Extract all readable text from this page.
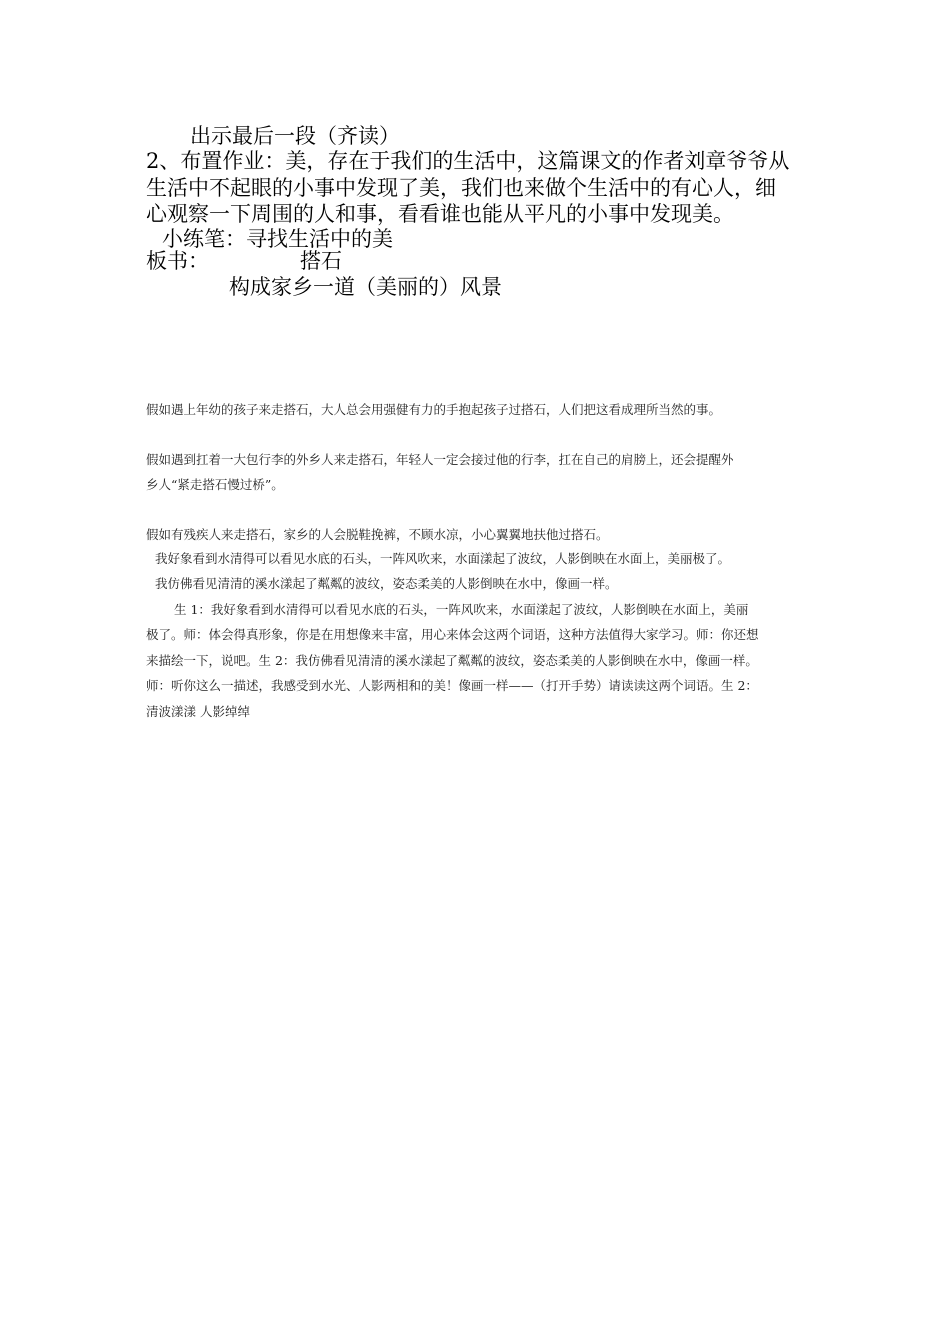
出示最后一段（齐读）

2、布置作业：美，存在于我们的生活中，这篇课文的作者刘章爷爷从

生活中不起眼的小事中发现了美，我们也来做个生活中的有心人，细

心观察一下周围的人和事，看看谁也能从平凡的小事中发现美。

小练笔：寻找生活中的美

板书：	搭石

构成家乡一道（美丽的）风景

假如遇上年幼的孩子来走搭石，大人总会用强健有力的手抱起孩子过搭石，人们把这看成理所当然的事。

假如遇到扛着一大包行李的外乡人来走搭石，年轻人一定会接过他的行李，扛在自己的肩膀上，还会提醒外

乡人“紧走搭石慢过桥”。

假如有残疾人来走搭石，家乡的人会脱鞋挽裤，不顾水凉，小心翼翼地扶他过搭石。

我好象看到水清得可以看见水底的石头，一阵风吹来，水面漾起了波纹，人影倒映在水面上，美丽极了。

我仿佛看见清清的溪水漾起了粼粼的波纹，姿态柔美的人影倒映在水中，像画一样。

生 1：我好象看到水清得可以看见水底的石头，一阵风吹来，水面漾起了波纹，人影倒映在水面上，美丽

极了。师：体会得真形象，你是在用想像来丰富，用心来体会这两个词语，这种方法值得大家学习。师：你还想

来描绘一下，说吧。生 2：我仿佛看见清清的溪水漾起了粼粼的波纹，姿态柔美的人影倒映在水中，像画一样。

师：听你这么一描述，我感受到水光、人影两相和的美！像画一样——（打开手势）请读读这两个词语。生 2：

清波漾漾 人影绰绰
